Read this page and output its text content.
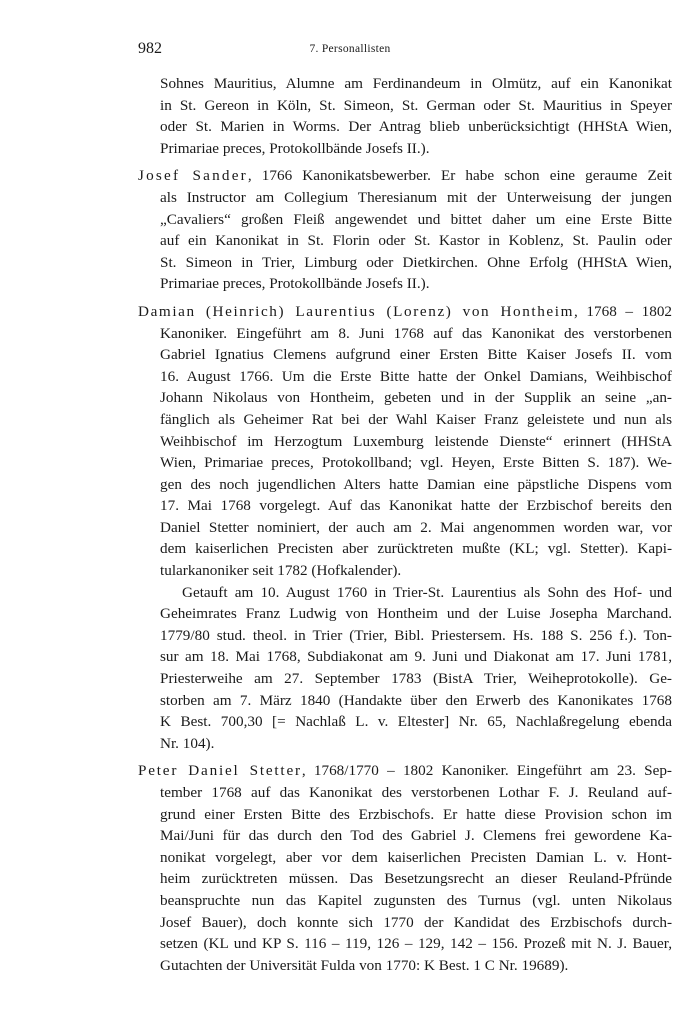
982	7. Personallisten
Sohnes Mauritius, Alumne am Ferdinandeum in Olmütz, auf ein Kanonikat
in St. Gereon in Köln, St. Simeon, St. German oder St. Mauritius in Speyer
oder St. Marien in Worms. Der Antrag blieb unberücksichtigt (HHStA Wien,
Primariae preces, Protokollbände Josefs II.).
Josef Sander, 1766 Kanonikatsbewerber. Er habe schon eine geraume Zeit
als Instructor am Collegium Theresianum mit der Unterweisung der jungen
„Cavaliers“ großen Fleiß angewendet und bittet daher um eine Erste Bitte
auf ein Kanonikat in St. Florin oder St. Kastor in Koblenz, St. Paulin oder
St. Simeon in Trier, Limburg oder Dietkirchen. Ohne Erfolg (HHStA Wien,
Primariae preces, Protokollbände Josefs II.).
Damian (Heinrich) Laurentius (Lorenz) von Hontheim, 1768 – 1802
Kanoniker. Eingeführt am 8. Juni 1768 auf das Kanonikat des verstorbenen
Gabriel Ignatius Clemens aufgrund einer Ersten Bitte Kaiser Josefs II. vom
16. August 1766. Um die Erste Bitte hatte der Onkel Damians, Weihbischof
Johann Nikolaus von Hontheim, gebeten und in der Supplik an seine „an-
fänglich als Geheimer Rat bei der Wahl Kaiser Franz geleistete und nun als
Weihbischof im Herzogtum Luxemburg leistende Dienste“ erinnert (HHStA
Wien, Primariae preces, Protokollband; vgl. Heyen, Erste Bitten S. 187). We-
gen des noch jugendlichen Alters hatte Damian eine päpstliche Dispens vom
17. Mai 1768 vorgelegt. Auf das Kanonikat hatte der Erzbischof bereits den
Daniel Stetter nominiert, der auch am 2. Mai angenommen worden war, vor
dem kaiserlichen Precisten aber zurücktreten mußte (KL; vgl. Stetter). Kapi-
tularkanoniker seit 1782 (Hofkalender).
Getauft am 10. August 1760 in Trier-St. Laurentius als Sohn des Hof- und
Geheimrates Franz Ludwig von Hontheim und der Luise Josepha Marchand.
1779/80 stud. theol. in Trier (Trier, Bibl. Priestersem. Hs. 188 S. 256 f.). Ton-
sur am 18. Mai 1768, Subdiakonat am 9. Juni und Diakonat am 17. Juni 1781,
Priesterweihe am 27. September 1783 (BistA Trier, Weiheprotokolle). Ge-
storben am 7. März 1840 (Handakte über den Erwerb des Kanonikates 1768
K Best. 700,30 [= Nachlaß L. v. Eltester] Nr. 65, Nachlaßregelung ebenda
Nr. 104).
Peter Daniel Stetter, 1768/1770 – 1802 Kanoniker. Eingeführt am 23. Sep-
tember 1768 auf das Kanonikat des verstorbenen Lothar F. J. Reuland auf-
grund einer Ersten Bitte des Erzbischofs. Er hatte diese Provision schon im
Mai/Juni für das durch den Tod des Gabriel J. Clemens frei gewordene Ka-
nonikat vorgelegt, aber vor dem kaiserlichen Precisten Damian L. v. Hont-
heim zurücktreten müssen. Das Besetzungsrecht an dieser Reuland-Pfründe
beanspruchte nun das Kapitel zugunsten des Turnus (vgl. unten Nikolaus
Josef Bauer), doch konnte sich 1770 der Kandidat des Erzbischofs durch-
setzen (KL und KP S. 116 – 119, 126 – 129, 142 – 156. Prozeß mit N. J. Bauer,
Gutachten der Universität Fulda von 1770: K Best. 1 C Nr. 19689).
